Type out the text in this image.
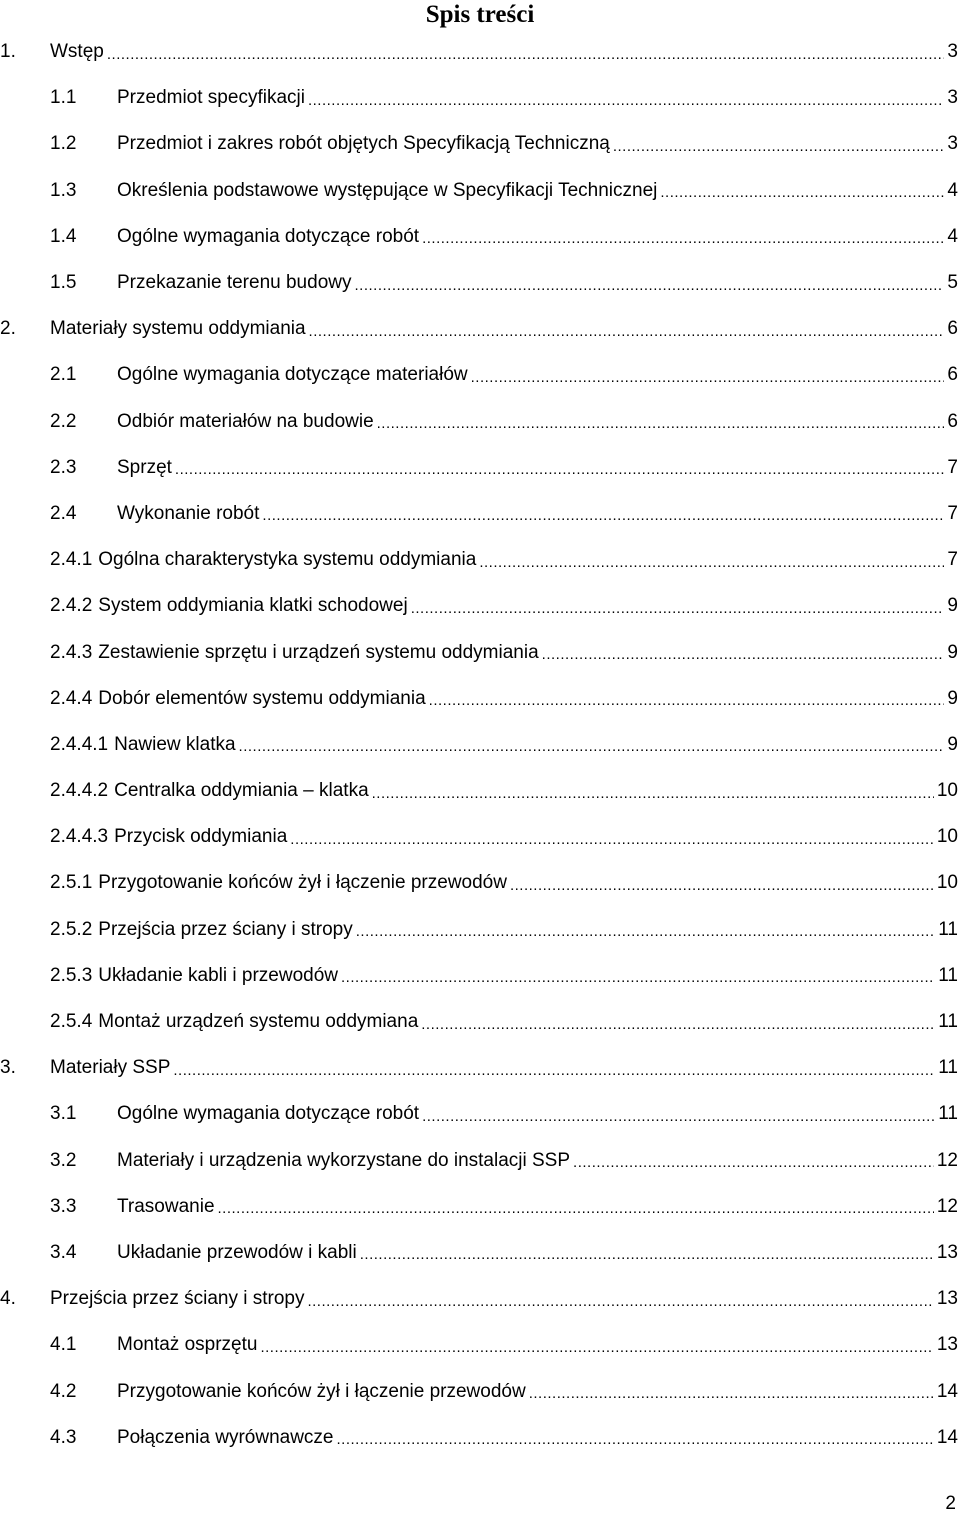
Spis treści
1.	Wstęp .....	3
1.1	Przedmiot specyfikacji .....	3
1.2	Przedmiot i zakres robót objętych Specyfikacją Techniczną .....	3
1.3	Określenia podstawowe występujące w Specyfikacji Technicznej .....	4
1.4	Ogólne wymagania dotyczące robót .....	4
1.5	Przekazanie terenu budowy .....	5
2.	Materiały systemu oddymiania .....	6
2.1	Ogólne wymagania dotyczące materiałów .....	6
2.2	Odbiór materiałów na budowie .....	6
2.3	Sprzęt .....	7
2.4	Wykonanie robót .....	7
2.4.1 Ogólna charakterystyka systemu oddymiania .....	7
2.4.2 System oddymiania klatki schodowej .....	9
2.4.3 Zestawienie sprzętu i urządzeń systemu oddymiania .....	9
2.4.4 Dobór elementów systemu oddymiania .....	9
2.4.4.1 Nawiew klatka .....	9
2.4.4.2 Centralka oddymiania – klatka .....	10
2.4.4.3 Przycisk oddymiania .....	10
2.5.1 Przygotowanie końców żył i łączenie przewodów .....	10
2.5.2 Przejścia przez ściany i stropy .....	11
2.5.3 Układanie kabli i przewodów .....	11
2.5.4 Montaż urządzeń systemu oddymiana .....	11
3.	Materiały SSP .....	11
3.1	Ogólne wymagania dotyczące robót .....	11
3.2	Materiały i urządzenia wykorzystane do instalacji SSP .....	12
3.3	Trasowanie .....	12
3.4	Układanie przewodów i kabli .....	13
4.	Przejścia przez ściany i stropy .....	13
4.1	Montaż osprzętu .....	13
4.2	Przygotowanie końców żył i łączenie przewodów .....	14
4.3	Połączenia wyrównawcze .....	14
2
